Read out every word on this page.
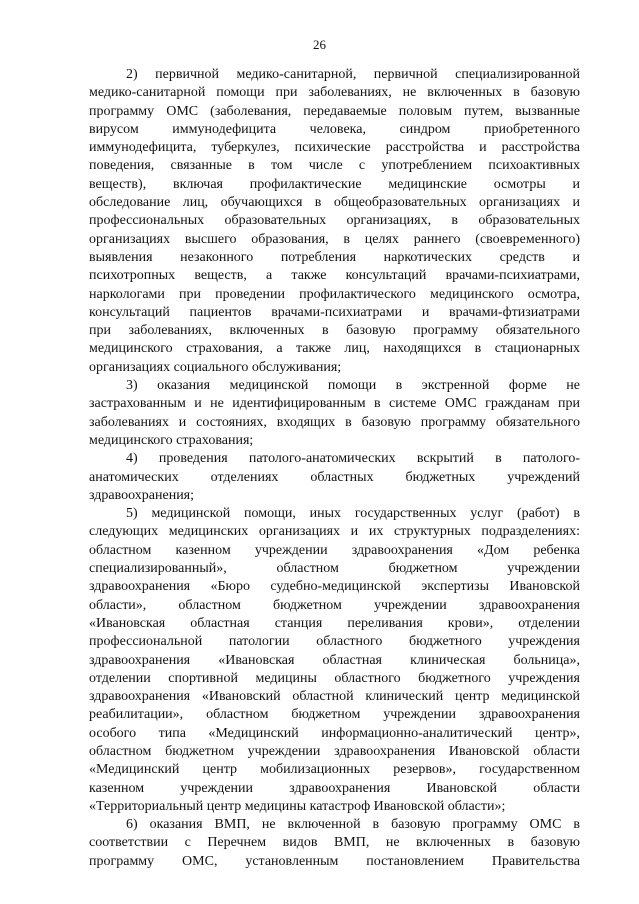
26
2) первичной медико-санитарной, первичной специализированной
медико-санитарной помощи при заболеваниях, не включенных в базовую
программу ОМС (заболевания, передаваемые половым путем, вызванные
вирусом иммунодефицита человека, синдром приобретенного
иммунодефицита, туберкулез, психические расстройства и расстройства
поведения, связанные в том числе с употреблением психоактивных
веществ), включая профилактические медицинские осмотры и
обследование лиц, обучающихся в общеобразовательных организациях и
профессиональных образовательных организациях, в образовательных
организациях высшего образования, в целях раннего (своевременного)
выявления незаконного потребления наркотических средств и
психотропных веществ, а также консультаций врачами-психиатрами,
наркологами при проведении профилактического медицинского осмотра,
консультаций пациентов врачами-психиатрами и врачами-фтизиатрами
при заболеваниях, включенных в базовую программу обязательного
медицинского страхования, а также лиц, находящихся в стационарных
организациях социального обслуживания;
3) оказания медицинской помощи в экстренной форме не
застрахованным и не идентифицированным в системе ОМС гражданам при
заболеваниях и состояниях, входящих в базовую программу обязательного
медицинского страхования;
4) проведения патолого-анатомических вскрытий в патолого-
анатомических отделениях областных бюджетных учреждений
здравоохранения;
5) медицинской помощи, иных государственных услуг (работ) в
следующих медицинских организациях и их структурных подразделениях:
областном казенном учреждении здравоохранения «Дом ребенка
специализированный», областном бюджетном учреждении
здравоохранения «Бюро судебно-медицинской экспертизы Ивановской
области», областном бюджетном учреждении здравоохранения
«Ивановская областная станция переливания крови», отделении
профессиональной патологии областного бюджетного учреждения
здравоохранения «Ивановская областная клиническая больница»,
отделении спортивной медицины областного бюджетного учреждения
здравоохранения «Ивановский областной клинический центр медицинской
реабилитации», областном бюджетном учреждении здравоохранения
особого типа «Медицинский информационно-аналитический центр»,
областном бюджетном учреждении здравоохранения Ивановской области
«Медицинский центр мобилизационных резервов», государственном
казенном учреждении здравоохранения Ивановской области
«Территориальный центр медицины катастроф Ивановской области»;
6) оказания ВМП, не включенной в базовую программу ОМС в
соответствии с Перечнем видов ВМП, не включенных в базовую
программу ОМС, установленным постановлением Правительства
